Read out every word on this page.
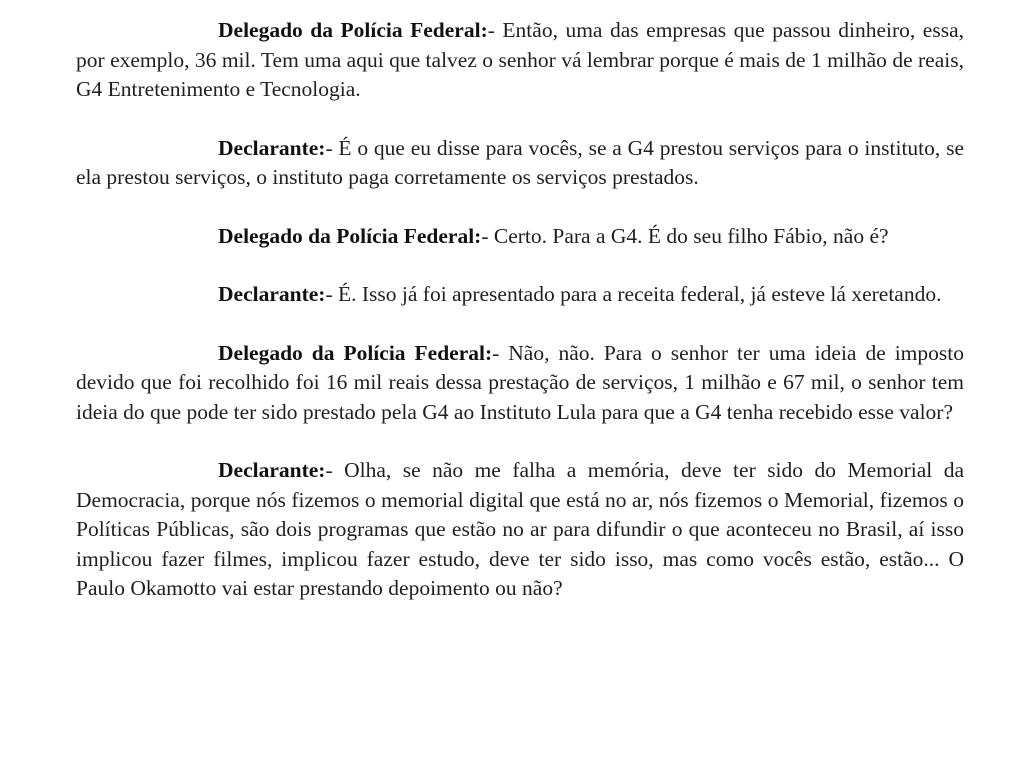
Delegado da Polícia Federal:- Então, uma das empresas que passou dinheiro, essa, por exemplo, 36 mil. Tem uma aqui que talvez o senhor vá lembrar porque é mais de 1 milhão de reais, G4 Entretenimento e Tecnologia.

Declarante:- É o que eu disse para vocês, se a G4 prestou serviços para o instituto, se ela prestou serviços, o instituto paga corretamente os serviços prestados.

Delegado da Polícia Federal:- Certo. Para a G4. É do seu filho Fábio, não é?

Declarante:- É. Isso já foi apresentado para a receita federal, já esteve lá xeretando.

Delegado da Polícia Federal:- Não, não. Para o senhor ter uma ideia de imposto devido que foi recolhido foi 16 mil reais dessa prestação de serviços, 1 milhão e 67 mil, o senhor tem ideia do que pode ter sido prestado pela G4 ao Instituto Lula para que a G4 tenha recebido esse valor?

Declarante:- Olha, se não me falha a memória, deve ter sido do Memorial da Democracia, porque nós fizemos o memorial digital que está no ar, nós fizemos o Memorial, fizemos o Políticas Públicas, são dois programas que estão no ar para difundir o que aconteceu no Brasil, aí isso implicou fazer filmes, implicou fazer estudo, deve ter sido isso, mas como vocês estão, estão... O Paulo Okamotto vai estar prestando depoimento ou não?
